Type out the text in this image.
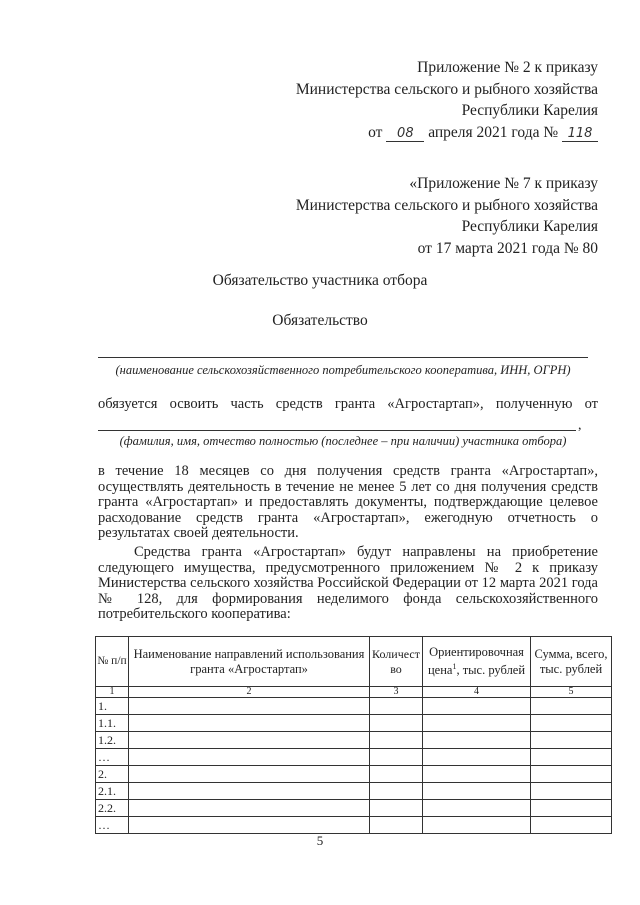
Приложение № 2 к приказу
Министерства сельского и рыбного хозяйства
Республики Карелия
от 08 апреля 2021 года № 118
«Приложение № 7 к приказу
Министерства сельского и рыбного хозяйства
Республики Карелия
от 17 марта 2021 года № 80
Обязательство участника отбора
Обязательство
(наименование сельскохозяйственного потребительского кооператива, ИНН, ОГРН)
обязуется освоить часть средств гранта «Агростартап», полученную от
,
(фамилия, имя, отчество полностью (последнее – при наличии) участника отбора)

в течение 18 месяцев со дня получения средств гранта «Агростартап», осуществлять деятельность в течение не менее 5 лет со дня получения средств гранта «Агростартап» и предоставлять документы, подтверждающие целевое расходование средств гранта «Агростартап», ежегодную отчетность о результатах своей деятельности.

Средства гранта «Агростартап» будут направлены на приобретение следующего имущества, предусмотренного приложением № 2 к приказу Министерства сельского хозяйства Российской Федерации от 12 марта 2021 года № 128, для формирования неделимого фонда сельскохозяйственного потребительского кооператива:

№ п/п	Наименование направлений использования гранта «Агростартап»	Количество	Ориентировочная цена$^1$, тыс. рублей	Сумма, всего, тыс. рублей
1	2	3	4	5
1.				
1.1.				
1.2.				
…				
2.				
2.1.				
2.2.				
…				
5
